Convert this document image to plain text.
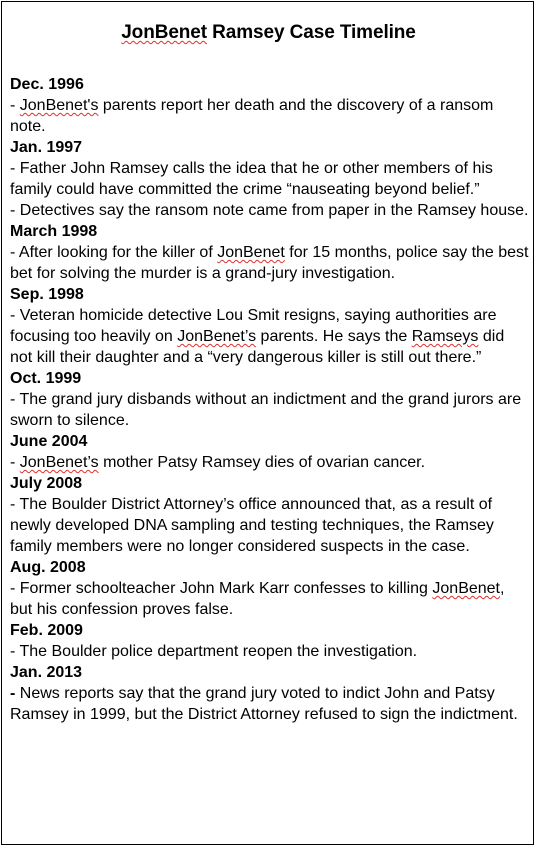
JonBenet Ramsey Case Timeline

Dec. 1996

- JonBenet's parents report her death and the discovery of a ransom note.

Jan. 1997

- Father John Ramsey calls the idea that he or other members of his family could have committed the crime “nauseating beyond belief.”

- Detectives say the ransom note came from paper in the Ramsey house.

March 1998

- After looking for the killer of JonBenet for 15 months, police say the best bet for solving the murder is a grand-jury investigation.

Sep. 1998

- Veteran homicide detective Lou Smit resigns, saying authorities are focusing too heavily on JonBenet’s parents. He says the Ramseys did not kill their daughter and a “very dangerous killer is still out there.”

Oct. 1999

- The grand jury disbands without an indictment and the grand jurors are sworn to silence.

June 2004

- JonBenet’s mother Patsy Ramsey dies of ovarian cancer.

July 2008

- The Boulder District Attorney’s office announced that, as a result of newly developed DNA sampling and testing techniques, the Ramsey family members were no longer considered suspects in the case.

Aug. 2008

- Former schoolteacher John Mark Karr confesses to killing JonBenet, but his confession proves false.

Feb. 2009

- The Boulder police department reopen the investigation.

Jan. 2013

- News reports say that the grand jury voted to indict John and Patsy Ramsey in 1999, but the District Attorney refused to sign the indictment.
